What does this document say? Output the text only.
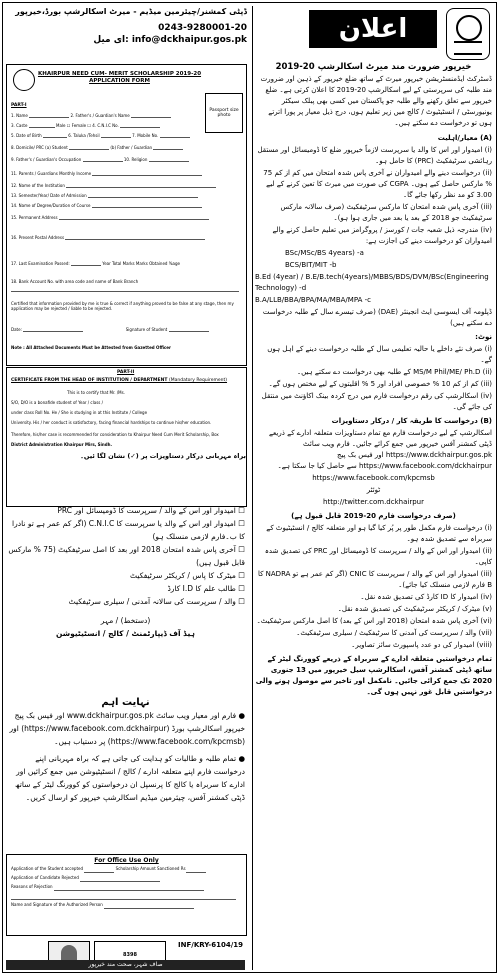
ڈپٹی کمشنر/چیئرمین میڈیم - میرٹ اسکالرشپ بورڈ،خیرپور
0243-9280001-20
ای میل: info@dckhaipur.gos.pk
KHAIRPUR NEED CUM- MERIT SCHOLARSHIP 2019-20
APPLICATION FORM
Passport size photo
PART-I
1. Name	2. Father's / Guardian's Name
3. Caste	Male ☐ Female ☐ 4. C.N.I.C No.
5. Date of Birth	6. Taluka /Tehsil	7. Mobile No.
8. Domicile/ PRC (a) Student	(b) Father / Guardian
9. Father's / Guardian's Occupation	10. Religion
11. Parents / Guardians Monthly Income
12. Name of the Institution
13. Semester/Year/ Date of Admission
14. Name of Degree/Duration of Course
15. Permanent Address
16. Present Postal Address
17. Last Examination Passed:	Year Total Marks Marks Obtained %age
18. Bank Account No. with area code and name of Bank Branch
Certified that information provided by me is true & correct if anything proved to be false at any stage, then my application may be rejected / liable to be rejected.
Date:	Signature of Student
Note : All Attached Documents Must be Attested from Gazetted Officer
PART-II
CERTIFICATE FROM THE HEAD OF INSTITUTION / DEPARTMENT (Mandatory Requirement)
This is to certify that Mr. /Ms.
S/O, D/O is a bonafide student of Year / class /
under class Roll No. He / She is studying in at this Institute / College
University. His / her conduct is satisfactory, facing financial hardships to continue his/her education.
Therefore, his/her case is recommended for consideration to Khairpur Need Cum Merit Scholarship, Box
District Administration Khairpur Mirs, Sindh.

براہ مہربانی درکار دستاویزات پر (✓) نشان لگا ئیں۔

☐ امیدوار اور اس کے والد / سرپرست کا ڈومیسائل اور PRC

☐ امیدوار اور اس کے والد یا سرپرست کا C.N.I.C (اگر کم عمر ہے تو نادرا کا ب۔فارم لازمی منسلک ہو)

☐ آخری پاس شدہ امتحان 2018 اور بعد کا اصل سرٹیفکیٹ (75 % مارکس قابل قبول ہیں)

☐ میٹرک کا پاس / کریکٹر سرٹیفکیٹ

☐ طالب علم کا I.D کارڈ

☐ والد / سرپرست کی سالانہ آمدنی / سیلری سرٹیفکیٹ

(دستخط) / مہر

ہیڈ آف ڈیپارٹمنٹ / کالج / انسٹیٹیوشن

نہایت اہم

● فارم اور معیار ویب سائٹ www.dckhairpur.gos.pk اور فیس بک پیج خیرپور اسکالرشپ بورڈ (https://www.facebook.com.dckhairpur) اور (https://www.facebook.com/kpcmsb) پر دستیاب ہیں۔

● تمام طلبہ و طالبات کو ہدایت کی جاتی ہے کہ براہ مہربانی اپنے درخواست فارم اپنے متعلقہ ادارے / کالج / انسٹیٹیوشن میں جمع کرائیں اور ادارے کا سربراہ یا کالج کا پرنسپل ان درخواستوں کو کوورنگ لیٹر کے ساتھ ڈپٹی کمشنر آفس، چیئرمین میڈیم اسکالرشپ خیرپور کو ارسال کریں۔

For Office Use Only
Application of the Student accepted	Scholarship Amount Sanctioned Rs
Application of Candidate Rejected
Reasons of Rejection
Name and Signature of the Authorized Person
8398
INF/KRY-6104/19
صاف شہر، صحت مند خیرپور
اعلان

خیرپور ضرورت مند میرٹ اسکالرشپ 20-2019

ڈسٹرکٹ ایڈمنسٹریشن خیرپور میرٹ کے ساتھ ضلع خیرپور کے ذہین اور ضرورت مند طلبہ کی سرپرستی کے لیے اسکالرشپ 20-2019 کا اعلان کرتی ہے۔ ضلع خیرپور سے تعلق رکھنے والے طلبہ جو پاکستان میں کسی بھی پبلک سیکٹر یونیورسٹی / انسٹیٹیوٹ / کالج میں زیر تعلیم ہوں، درج ذیل معیار پر پورا اترتے ہوں تو درخواست دے سکتے ہیں۔

(A) معیار/اہلیت

(i) امیدوار اور اس کا والد یا سرپرست لازماً خیرپور ضلع کا ڈومیسائل اور مستقل رہائشی سرٹیفکیٹ (PRC) کا حامل ہو۔

(ii) درخواست دینے والے امیدواران نے آخری پاس شدہ امتحان میں کم از کم 75 % مارکس حاصل کیے ہوں۔ CGPA کی صورت میں میرٹ کا تعین کرنے کے لیے 3.00 کو مد نظر رکھا جائے گا۔

(iii) آخری پاس شدہ امتحان کا مارکس سرٹیفکیٹ (صرف سالانہ مارکس سرٹیفکیٹ جو 2018 کے بعد یا بعد میں جاری ہوا ہو)۔

(iv) مندرجہ ذیل شعبہ جات / کورسز / پروگرامز میں تعلیم حاصل کرنے والے امیدواران کو درخواست دینے کی اجازت ہے:

BSc/MSc/BS 4years) -a

BCS/BIT/MIT -b

B.Ed (4year) / B.E/B.tech(4years)/MBBS/BDS/DVM/BSc(Engineering Technology) -d

B.A/LLB/BBA/BPA/MA/MBA/MPA -c

ڈپلومہ آف ایسوسی ایٹ انجینئر (DAE) (صرف تیسرے سال کے طلبہ درخواست دے سکتے ہیں)

نوٹ:

(i) صرف نئے داخلے یا حالیہ تعلیمی سال کے طلبہ درخواست دینے کے اہل ہوں گے۔

(ii) MS/M Phil/ME/ Ph.D کے طلبہ بھی درخواست دے سکتے ہیں۔

(iii) کم از کم 10 % خصوصی افراد اور 5 % اقلیتوں کے لیے مختص ہوں گے۔

(iv) اسکالرشپ کی رقم درخواست فارم میں درج کردہ بینک اکاؤنٹ میں منتقل کی جائے گی۔

(B) درخواست کا طریقہ کار / درکار دستاویزات

اسکالرشپ کے لیے درخواست فارم مع تمام دستاویزات متعلقہ ادارے کے ذریعے ڈپٹی کمشنر آفس خیرپور میں جمع کرائے جائیں۔ فارم ویب سائٹ https://www.dckhairpur.gos.pk اور فیس بک پیج https://www.facebook.com/dckhairpur سے حاصل کیا جا سکتا ہے۔

https://www.facebook.com/kpcmsb

ٹوئٹر

http://twitter.com.dckhairpur

(صرف درخواست فارم 20-2019 قابل قبول ہے)

(i) درخواست فارم مکمل طور پر پُر کیا گیا ہو اور متعلقہ کالج / انسٹیٹیوٹ کے سربراہ سے تصدیق شدہ ہو۔

(ii) امیدوار اور اس کے والد / سرپرست کا ڈومیسائل اور PRC کی تصدیق شدہ کاپی۔

(iii) امیدوار اور اس کے والد / سرپرست کا CNIC (اگر کم عمر ہے تو NADRA کا B فارم لازمی منسلک کیا جائے)۔

(iv) امیدوار کا ID کارڈ کی تصدیق شدہ نقل۔

(v) میٹرک / کریکٹر سرٹیفکیٹ کی تصدیق شدہ نقل۔

(vi) آخری پاس شدہ امتحان (2018 اور اس کے بعد) کا اصل مارکس سرٹیفکیٹ۔

(vii) والد / سرپرست کی آمدنی کا سرٹیفکیٹ / سیلری سرٹیفکیٹ۔

(viii) امیدوار کی دو عدد پاسپورٹ سائز تصاویر۔

تمام درخواستیں متعلقہ ادارے کے سربراہ کے ذریعے کوورنگ لیٹر کے ساتھ ڈپٹی کمشنر آفس، اسکالرشپ سیل خیرپور میں 13 جنوری 2020 تک جمع کرائی جائیں۔ نامکمل اور تاخیر سے موصول ہونے والی درخواستیں قابل غور نہیں ہوں گی۔
